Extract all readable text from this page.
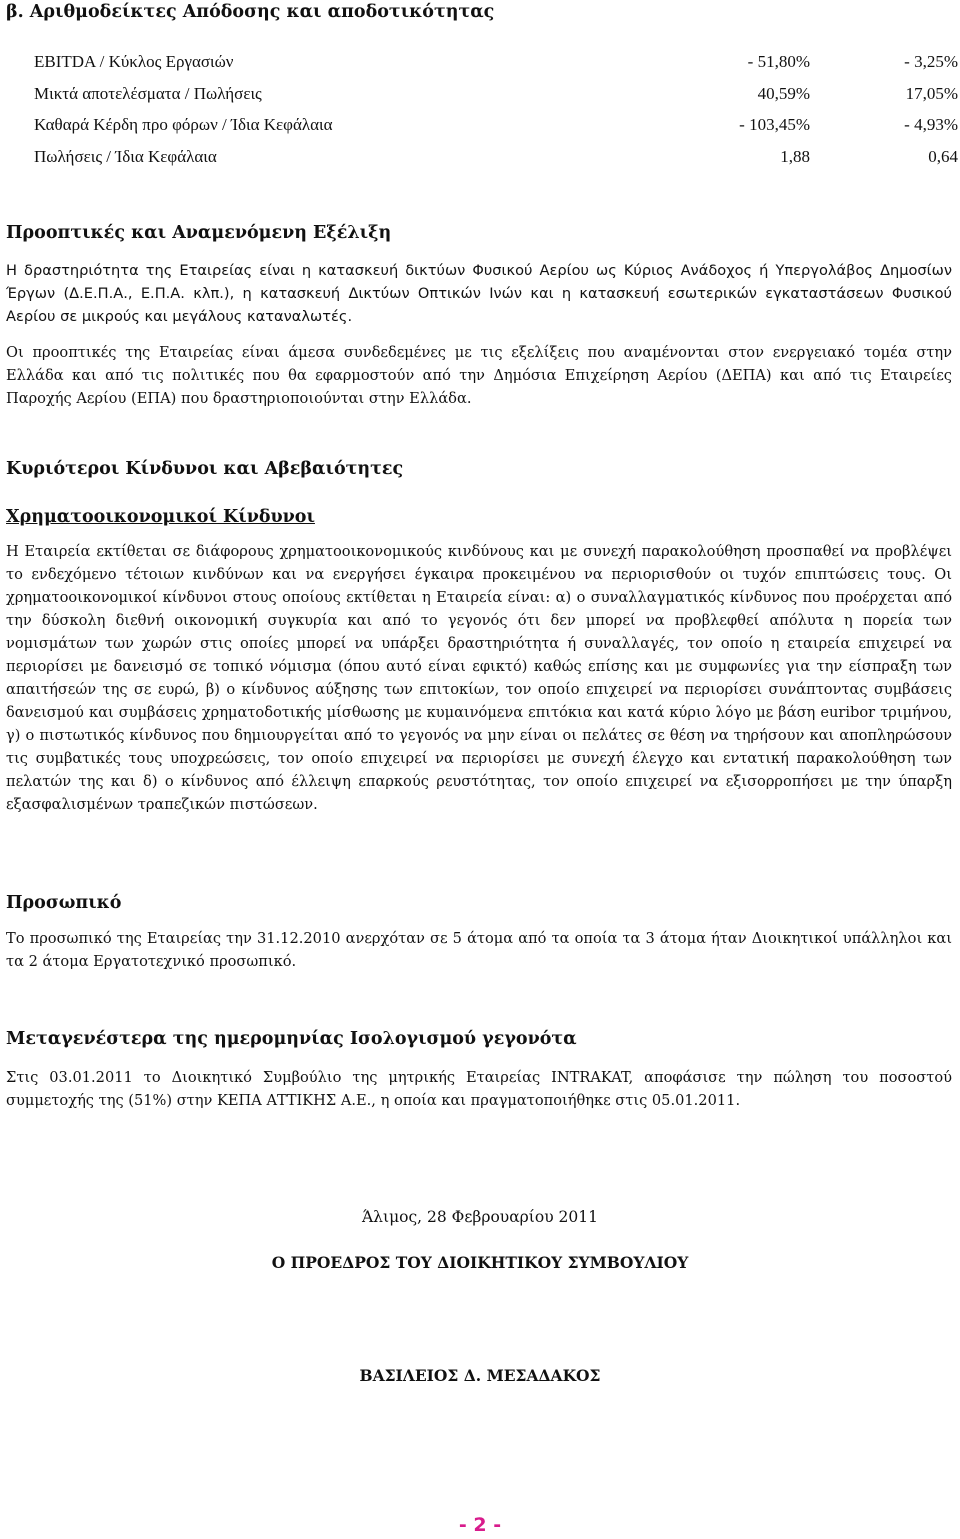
β. Αριθμοδείκτες Απόδοσης και αποδοτικότητας
EBITDA / Κύκλος Εργασιών	- 51,80%	- 3,25%
Μικτά αποτελέσματα / Πωλήσεις	40,59%	17,05%
Καθαρά Κέρδη προ φόρων / Ίδια Κεφάλαια	- 103,45%	- 4,93%
Πωλήσεις / Ίδια Κεφάλαια	1,88	0,64
Προοπτικές και Αναμενόμενη Εξέλιξη

Η δραστηριότητα της Εταιρείας είναι η κατασκευή δικτύων Φυσικού Αερίου ως Κύριος Ανάδοχος ή Υπεργολάβος Δημοσίων Έργων (Δ.Ε.Π.Α., Ε.Π.Α. κλπ.), η κατασκευή Δικτύων Οπτικών Ινών και η κατασκευή εσωτερικών εγκαταστάσεων Φυσικού Αερίου σε μικρούς και μεγάλους καταναλωτές.

Οι προοπτικές της Εταιρείας είναι άμεσα συνδεδεμένες με τις εξελίξεις που αναμένονται στον ενεργειακό τομέα στην Ελλάδα και από τις πολιτικές που θα εφαρμοστούν από την Δημόσια Επιχείρηση Αερίου (ΔΕΠΑ) και από τις Εταιρείες Παροχής Αερίου (ΕΠΑ) που δραστηριοποιούνται στην Ελλάδα.

Κυριότεροι Κίνδυνοι και Αβεβαιότητες
Χρηματοοικονομικοί Κίνδυνοι

Η Εταιρεία εκτίθεται σε διάφορους χρηματοοικονομικούς κινδύνους και με συνεχή παρακολούθηση προσπαθεί να προβλέψει το ενδεχόμενο τέτοιων κινδύνων και να ενεργήσει έγκαιρα προκειμένου να περιορισθούν οι τυχόν επιπτώσεις τους. Οι χρηματοοικονομικοί κίνδυνοι στους οποίους εκτίθεται η Εταιρεία είναι: α) ο συναλλαγματικός κίνδυνος που προέρχεται από την δύσκολη διεθνή οικονομική συγκυρία και από το γεγονός ότι δεν μπορεί να προβλεφθεί απόλυτα η πορεία των νομισμάτων των χωρών στις οποίες μπορεί να υπάρξει δραστηριότητα ή συναλλαγές, τον οποίο η εταιρεία επιχειρεί να περιορίσει με δανεισμό σε τοπικό νόμισμα (όπου αυτό είναι εφικτό) καθώς επίσης και με συμφωνίες για την είσπραξη των απαιτήσεών της σε ευρώ, β) ο κίνδυνος αύξησης των επιτοκίων, τον οποίο επιχειρεί να περιορίσει συνάπτοντας συμβάσεις δανεισμού και συμβάσεις χρηματοδοτικής μίσθωσης με κυμαινόμενα επιτόκια και κατά κύριο λόγο με βάση euribor τριμήνου, γ) ο πιστωτικός κίνδυνος που δημιουργείται από το γεγονός να μην είναι οι πελάτες σε θέση να τηρήσουν και αποπληρώσουν τις συμβατικές τους υποχρεώσεις, τον οποίο επιχειρεί να περιορίσει με συνεχή έλεγχο και εντατική παρακολούθηση των πελατών της και δ) ο κίνδυνος από έλλειψη επαρκούς ρευστότητας, τον οποίο επιχειρεί να εξισορροπήσει με την ύπαρξη εξασφαλισμένων τραπεζικών πιστώσεων.

Προσωπικό

Το προσωπικό της Εταιρείας την 31.12.2010 ανερχόταν σε 5 άτομα από τα οποία τα 3 άτομα ήταν Διοικητικοί υπάλληλοι και τα 2 άτομα Εργατοτεχνικό προσωπικό.

Μεταγενέστερα της ημερομηνίας Ισολογισμού γεγονότα

Στις 03.01.2011 το Διοικητικό Συμβούλιο της μητρικής Εταιρείας INTRAKAT, αποφάσισε την πώληση του ποσοστού συμμετοχής της (51%) στην ΚΕΠΑ ΑΤΤΙΚΗΣ Α.Ε., η οποία και πραγματοποιήθηκε στις 05.01.2011.

Άλιμος, 28 Φεβρουαρίου 2011

Ο ΠΡΟΕΔΡΟΣ ΤΟΥ ΔΙΟΙΚΗΤΙΚΟΥ ΣΥΜΒΟΥΛΙΟΥ

ΒΑΣΙΛΕΙΟΣ Δ. ΜΕΣΑΔΑΚΟΣ

- 2 -
